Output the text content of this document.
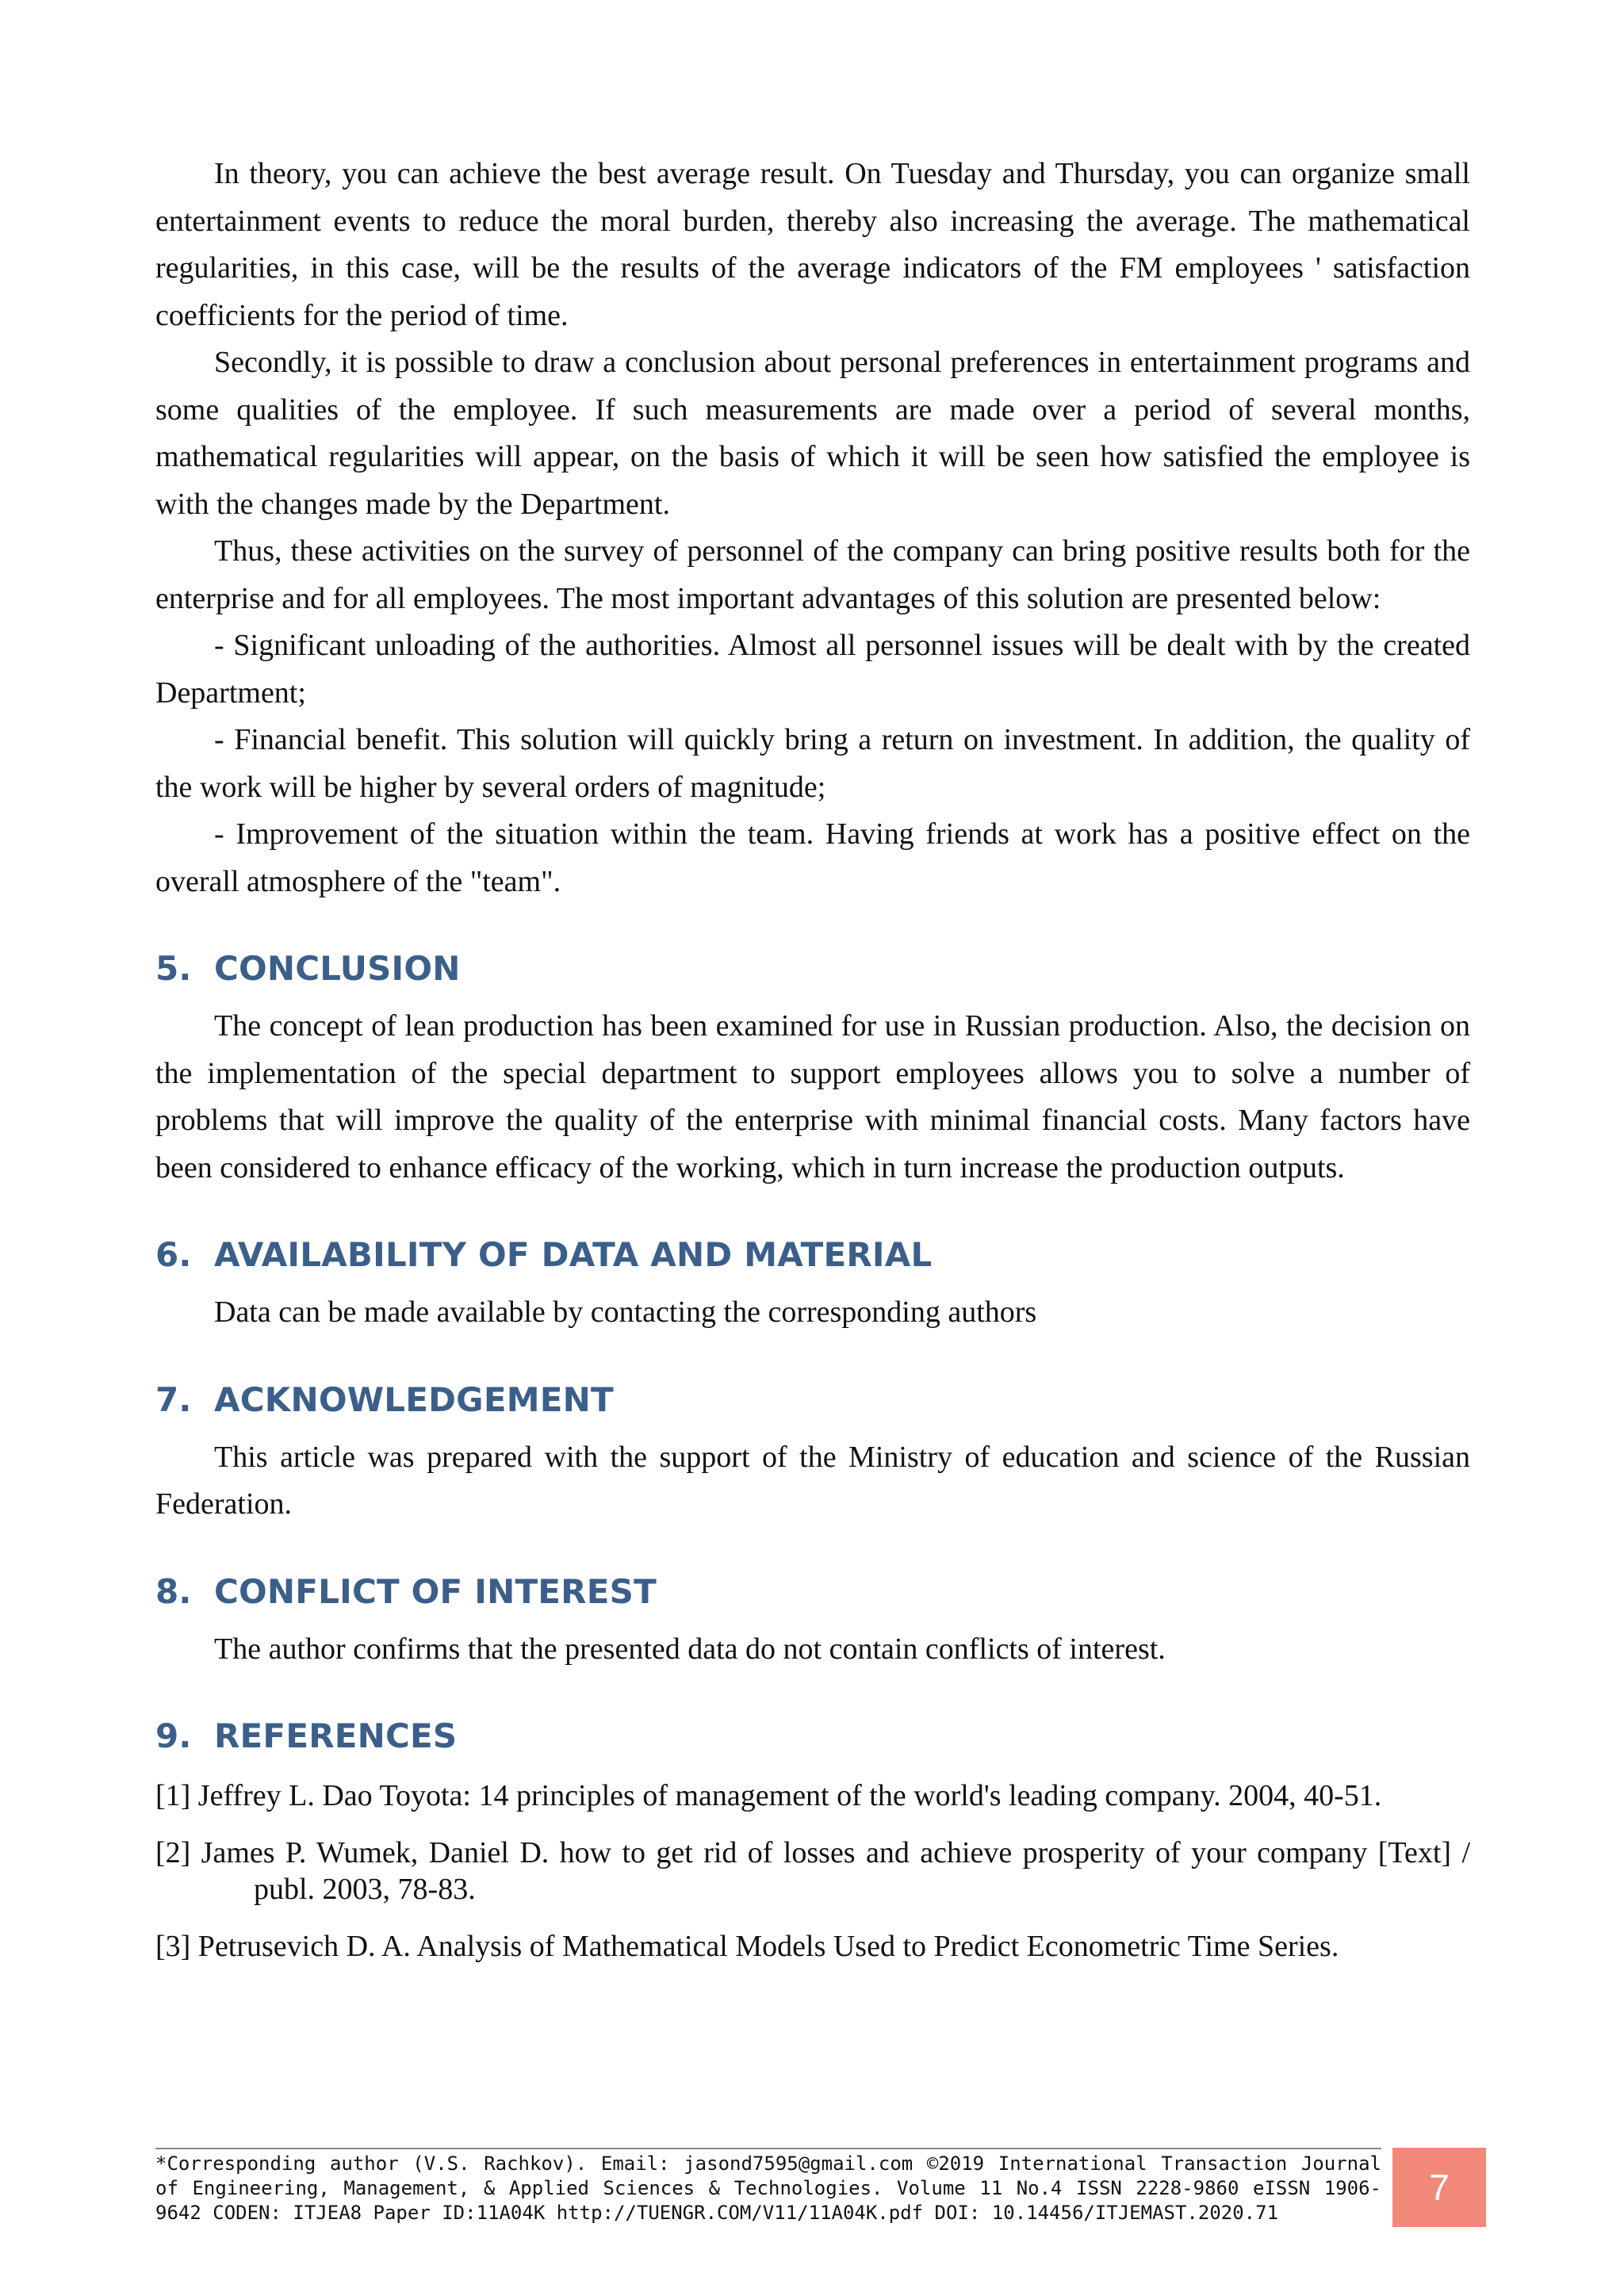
In theory, you can achieve the best average result. On Tuesday and Thursday, you can organize small entertainment events to reduce the moral burden, thereby also increasing the average. The mathematical regularities, in this case, will be the results of the average indicators of the FM employees ' satisfaction coefficients for the period of time.

Secondly, it is possible to draw a conclusion about personal preferences in entertainment programs and some qualities of the employee. If such measurements are made over a period of several months, mathematical regularities will appear, on the basis of which it will be seen how satisfied the employee is with the changes made by the Department.

Thus, these activities on the survey of personnel of the company can bring positive results both for the enterprise and for all employees. The most important advantages of this solution are presented below:

- Significant unloading of the authorities. Almost all personnel issues will be dealt with by the created Department;

- Financial benefit. This solution will quickly bring a return on investment. In addition, the quality of the work will be higher by several orders of magnitude;

- Improvement of the situation within the team. Having friends at work has a positive effect on the overall atmosphere of the "team".

5. CONCLUSION

The concept of lean production has been examined for use in Russian production. Also, the decision on the implementation of the special department to support employees allows you to solve a number of problems that will improve the quality of the enterprise with minimal financial costs. Many factors have been considered to enhance efficacy of the working, which in turn increase the production outputs.

6. AVAILABILITY OF DATA AND MATERIAL

Data can be made available by contacting the corresponding authors

7. ACKNOWLEDGEMENT

This article was prepared with the support of the Ministry of education and science of the Russian Federation.

8. CONFLICT OF INTEREST

The author confirms that the presented data do not contain conflicts of interest.

9. REFERENCES

[1] Jeffrey L. Dao Toyota: 14 principles of management of the world's leading company. 2004, 40-51.

[2] James P. Wumek, Daniel D. how to get rid of losses and achieve prosperity of your company [Text] / publ. 2003, 78-83.

[3] Petrusevich D. A. Analysis of Mathematical Models Used to Predict Econometric Time Series.

*Corresponding author (V.S. Rachkov). Email: jasond7595@gmail.com ©2019 International Transaction Journal of Engineering, Management, & Applied Sciences & Technologies. Volume 11 No.4 ISSN 2228-9860 eISSN 1906-9642 CODEN: ITJEA8 Paper ID:11A04K http://TUENGR.COM/V11/11A04K.pdf DOI: 10.14456/ITJEMAST.2020.71
7
